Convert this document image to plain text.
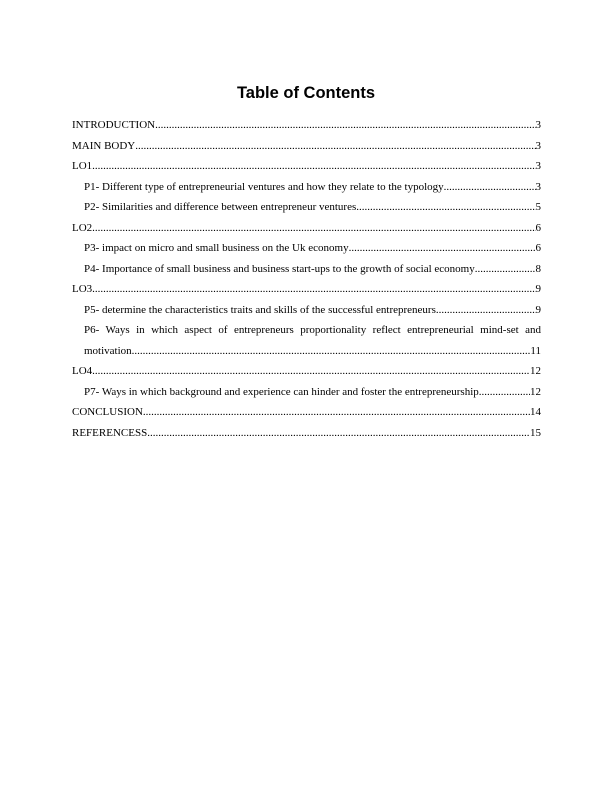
Table of Contents
INTRODUCTION .....	3
MAIN BODY .....	3
LO1 .....	3
P1- Different type of entrepreneurial ventures and how they relate to the typology .....	3
P2- Similarities and difference between entrepreneur ventures .....	5
LO2 .....	6
P3- impact on micro and small business on the Uk economy .....	6
P4- Importance of small business and business start-ups to the growth of social economy .....	8
LO3 .....	9
P5- determine the characteristics traits and skills of the successful entrepreneurs .....	9
P6- Ways in which aspect of entrepreneurs proportionality reflect entrepreneurial mind-set and
motivation .....	11
LO4 .....	12
P7- Ways in which background and experience can hinder and foster the entrepreneurship .....	12
CONCLUSION .....	14
REFERENCESS .....	15
